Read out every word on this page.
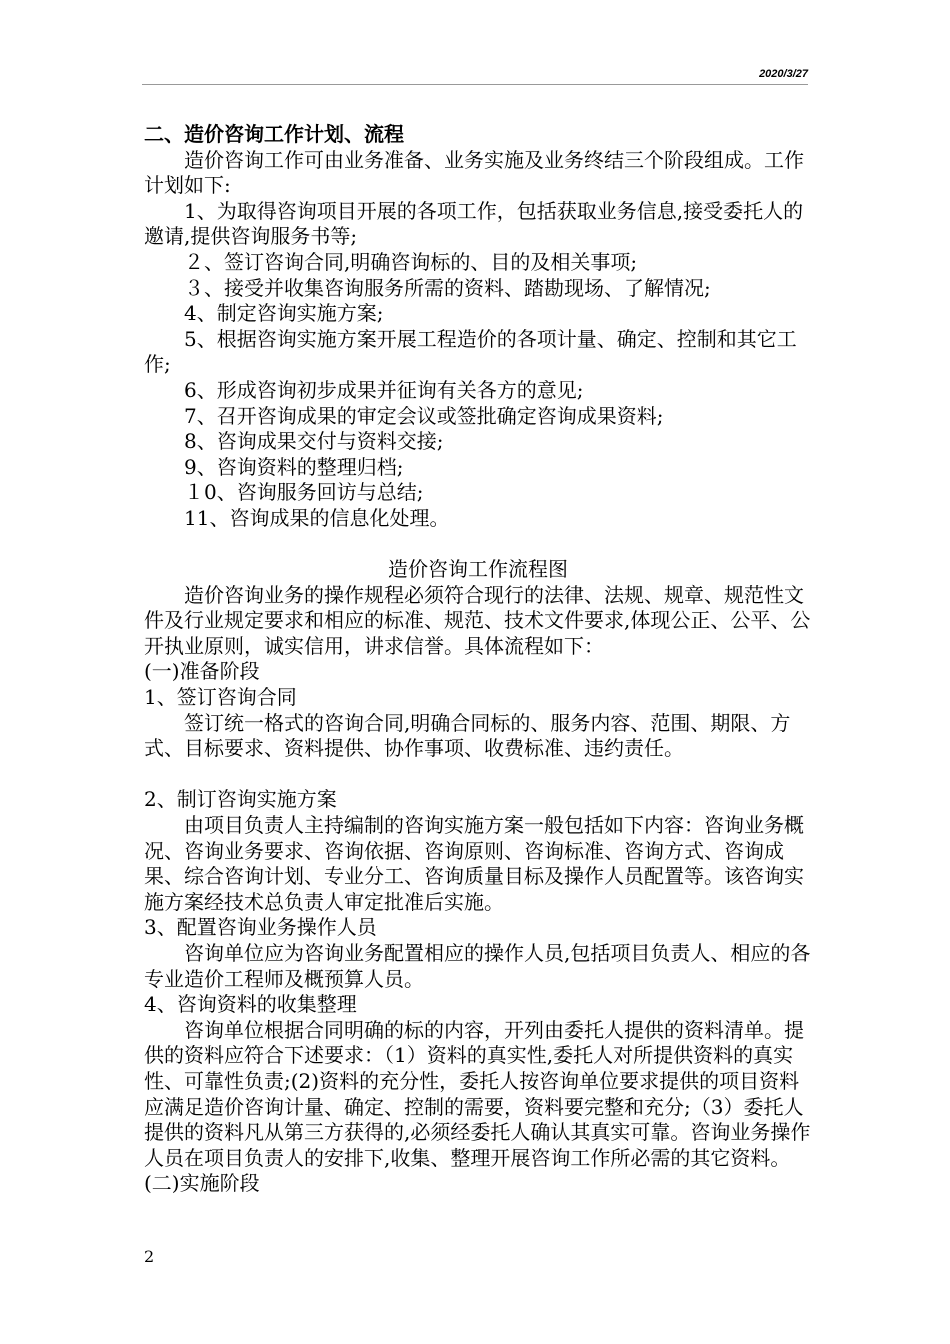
2020/3/27

二、造价咨询工作计划、流程

造价咨询工作可由业务准备、业务实施及业务终结三个阶段组成。工作计划如下:

1、为取得咨询项目开展的各项工作，包括获取业务信息,接受委托人的邀请,提供咨询服务书等;

２、签订咨询合同,明确咨询标的、目的及相关事项;

３、接受并收集咨询服务所需的资料、踏勘现场、了解情况;

4、制定咨询实施方案;

5、根据咨询实施方案开展工程造价的各项计量、确定、控制和其它工作;

6、形成咨询初步成果并征询有关各方的意见;

7、召开咨询成果的审定会议或签批确定咨询成果资料;

8、咨询成果交付与资料交接;

9、咨询资料的整理归档;

１0、咨询服务回访与总结;

11、咨询成果的信息化处理。

造价咨询工作流程图

造价咨询业务的操作规程必须符合现行的法律、法规、规章、规范性文件及行业规定要求和相应的标准、规范、技术文件要求,体现公正、公平、公开执业原则，诚实信用，讲求信誉。具体流程如下：

(一)准备阶段

1、签订咨询合同

签订统一格式的咨询合同,明确合同标的、服务内容、范围、期限、方式、目标要求、资料提供、协作事项、收费标准、违约责任。

2、制订咨询实施方案

由项目负责人主持编制的咨询实施方案一般包括如下内容：咨询业务概况、咨询业务要求、咨询依据、咨询原则、咨询标准、咨询方式、咨询成果、综合咨询计划、专业分工、咨询质量目标及操作人员配置等。该咨询实施方案经技术总负责人审定批准后实施。

3、配置咨询业务操作人员

咨询单位应为咨询业务配置相应的操作人员,包括项目负责人、相应的各专业造价工程师及概预算人员。

4、咨询资料的收集整理

咨询单位根据合同明确的标的内容，开列由委托人提供的资料清单。提供的资料应符合下述要求：（1）资料的真实性,委托人对所提供资料的真实性、可靠性负责;(2)资料的充分性，委托人按咨询单位要求提供的项目资料应满足造价咨询计量、确定、控制的需要，资料要完整和充分;（3）委托人提供的资料凡从第三方获得的,必须经委托人确认其真实可靠。咨询业务操作人员在项目负责人的安排下,收集、整理开展咨询工作所必需的其它资料。

(二)实施阶段

2
